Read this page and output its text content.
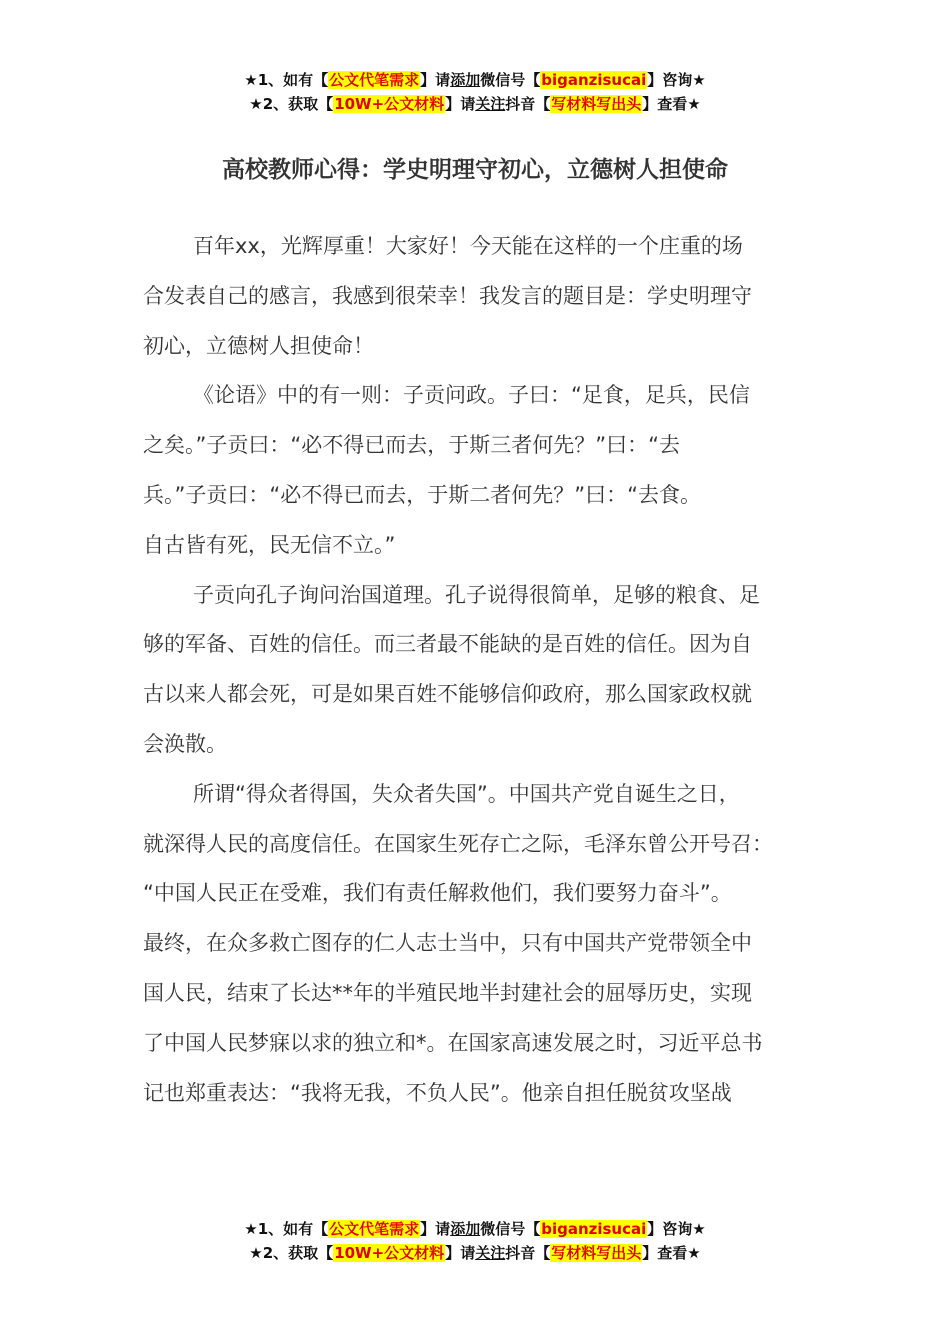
★1、如有【公文代笔需求】请添加微信号【biganzisucai】咨询★
★2、获取【10W+公文材料】请关注抖音【写材料写出头】查看★
高校教师心得：学史明理守初心，立德树人担使命
百年xx，光辉厚重！大家好！今天能在这样的一个庄重的场
合发表自己的感言，我感到很荣幸！我发言的题目是：学史明理守
初心，立德树人担使命！
《论语》中的有一则：子贡问政。子曰：“足食，足兵，民信
之矣。”子贡曰：“必不得已而去，于斯三者何先？”曰：“去
兵。”子贡曰：“必不得已而去，于斯二者何先？”曰：“去食。
自古皆有死，民无信不立。”
子贡向孔子询问治国道理。孔子说得很简单，足够的粮食、足
够的军备、百姓的信任。而三者最不能缺的是百姓的信任。因为自
古以来人都会死，可是如果百姓不能够信仰政府，那么国家政权就
会涣散。
所谓“得众者得国，失众者失国”。中国共产党自诞生之日，
就深得人民的高度信任。在国家生死存亡之际，毛泽东曾公开号召：
“中国人民正在受难，我们有责任解救他们，我们要努力奋斗”。
最终，在众多救亡图存的仁人志士当中，只有中国共产党带领全中
国人民，结束了长达**年的半殖民地半封建社会的屈辱历史，实现
了中国人民梦寐以求的独立和*。在国家高速发展之时，习近平总书
记也郑重表达：“我将无我，不负人民”。他亲自担任脱贫攻坚战
★1、如有【公文代笔需求】请添加微信号【biganzisucai】咨询★
★2、获取【10W+公文材料】请关注抖音【写材料写出头】查看★
